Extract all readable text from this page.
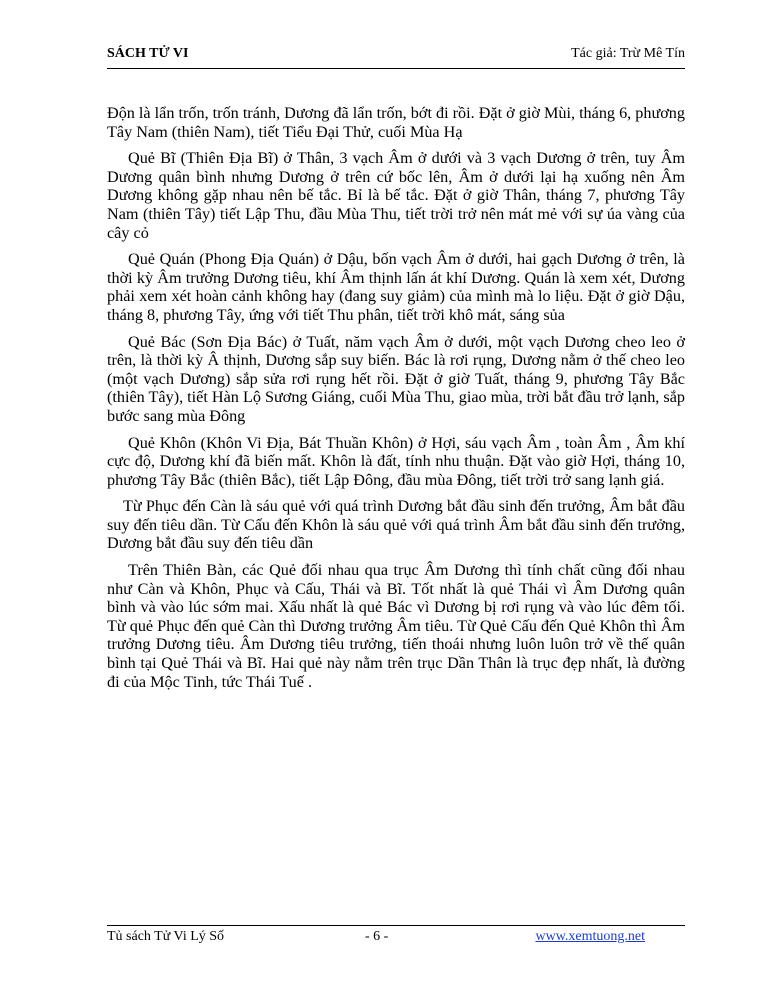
SÁCH TỬ VI	Tác giả: Trừ Mê Tín

Độn là lẩn trốn, trốn tránh, Dương đã lẩn trốn, bớt đi rồi. Đặt ở giờ Mùi, tháng 6, phương Tây Nam (thiên Nam), tiết Tiểu Đại Thử, cuối Mùa Hạ

Quẻ Bĩ (Thiên Địa Bĩ) ở Thân, 3 vạch Âm ở dưới và 3 vạch Dương ở trên, tuy Âm Dương quân bình nhưng Dương ở trên cứ bốc lên, Âm ở dưới lại hạ xuống nên Âm Dương không gặp nhau nên bế tắc. Bỉ là bế tắc. Đặt ở giờ Thân, tháng 7, phương Tây Nam (thiên Tây) tiết Lập Thu, đầu Mùa Thu, tiết trời trở nên mát mẻ với sự úa vàng của cây cỏ

Quẻ Quán (Phong Địa Quán) ở Dậu, bốn vạch Âm ở dưới, hai gạch Dương ở trên, là thời kỳ Âm trưởng Dương tiêu, khí Âm thịnh lấn át khí Dương. Quán là xem xét, Dương phải xem xét hoàn cảnh không hay (đang suy giảm) của mình mà lo liệu. Đặt ở giờ Dậu, tháng 8, phương Tây, ứng với tiết Thu phân, tiết trời khô mát, sáng sủa

Quẻ Bác (Sơn Địa Bác) ở Tuất, năm vạch Âm ở dưới, một vạch Dương cheo leo ở trên, là thời kỳ Â thịnh, Dương sắp suy biến. Bác là rơi rụng, Dương nằm ở thế cheo leo (một vạch Dương) sắp sửa rơi rụng hết rồi. Đặt ở giờ Tuất, tháng 9, phương Tây Bắc (thiên Tây), tiết Hàn Lộ Sương Giáng, cuối Mùa Thu, giao mùa, trời bắt đầu trở lạnh, sắp bước sang mùa Đông

Quẻ Khôn (Khôn Vi Địa, Bát Thuần Khôn) ở Hợi, sáu vạch Âm , toàn Âm , Âm khí cực độ, Dương khí đã biến mất. Khôn là đất, tính nhu thuận. Đặt vào giờ Hợi, tháng 10, phương Tây Bắc (thiên Bắc), tiết Lập Đông, đầu mùa Đông, tiết trời trở sang lạnh giá.

Từ Phục đến Càn là sáu quẻ với quá trình Dương bắt đầu sinh đến trưởng, Âm bắt đầu suy đến tiêu dần. Từ Cấu đến Khôn là sáu quẻ với quá trình Âm bắt đầu sinh đến trưởng, Dương bắt đầu suy đến tiêu dần

Trên Thiên Bàn, các Quẻ đối nhau qua trục Âm Dương thì tính chất cũng đối nhau như Càn và Khôn, Phục và Cấu, Thái và Bĩ. Tốt nhất là quẻ Thái vì Âm Dương quân bình và vào lúc sớm mai. Xấu nhất là quẻ Bác vì Dương bị rơi rụng và vào lúc đêm tối. Từ quẻ Phục đến quẻ Càn thì Dương trưởng Âm tiêu. Từ Quẻ Cấu đến Quẻ Khôn thì Âm trưởng Dương tiêu. Âm Dương tiêu trưởng, tiến thoái nhưng luôn luôn trở về thế quân bình tại Quẻ Thái và Bĩ. Hai quẻ này nằm trên trục Dần Thân là trục đẹp nhất, là đường đi của Mộc Tinh, tức Thái Tuế .

Tủ sách Tử Vi Lý Số	- 6 -	www.xemtuong.net
